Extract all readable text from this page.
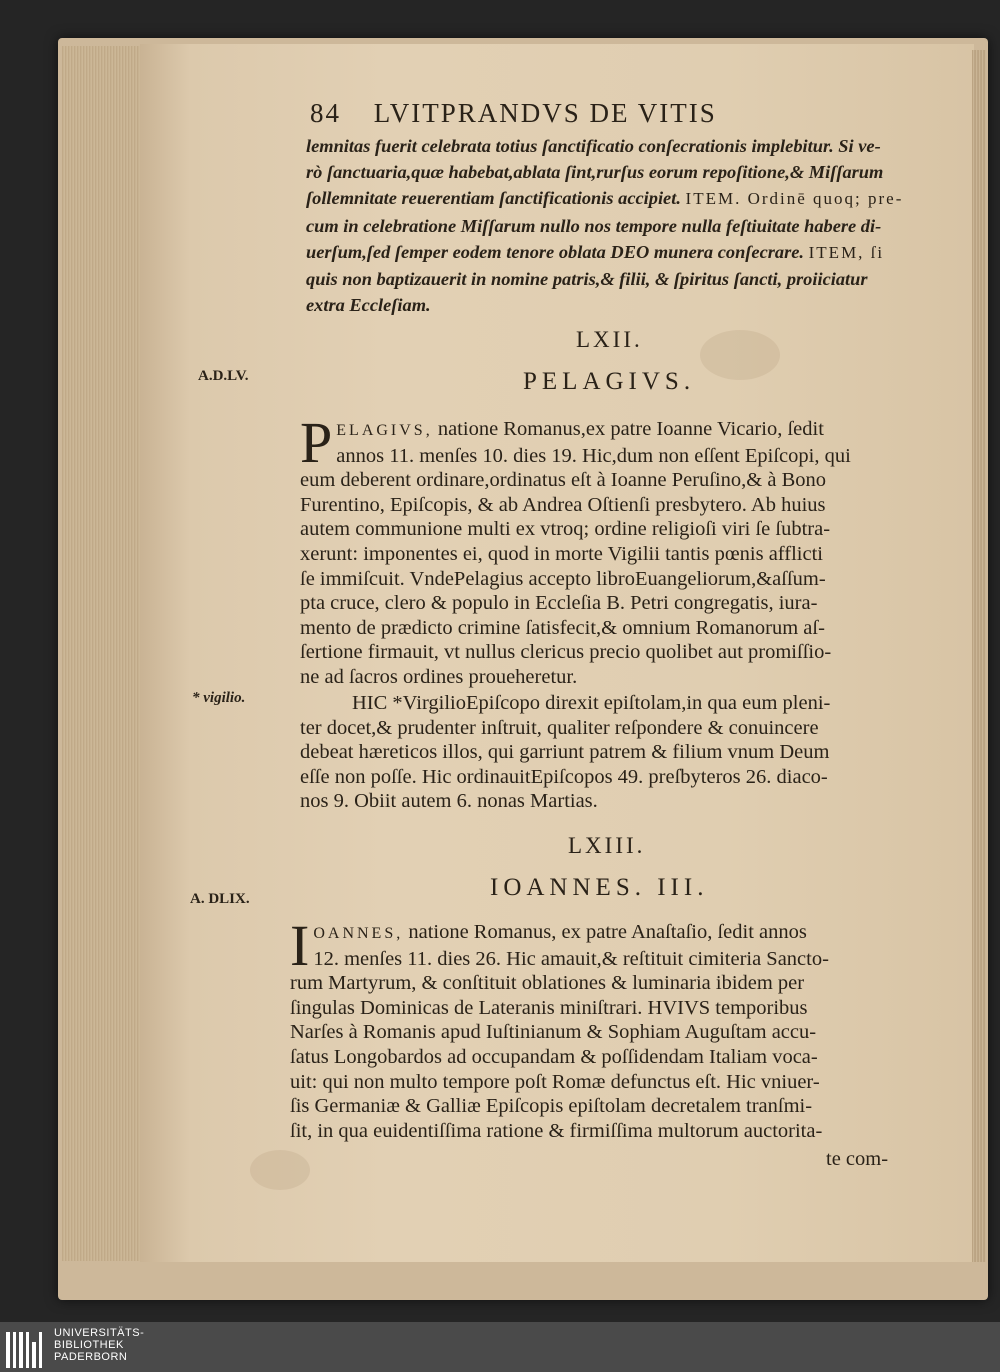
84 LVITPRANDVS DE VITIS
lemnitas fuerit celebrata totius ſanctificatio conſecrationis implebitur. Si ve-
rò ſanctuaria,quæ habebat,ablata ſint,rurſus eorum repoſitione,& Miſſarum
ſollemnitate reuerentiam ſanctificationis accipiet. ITEM. Ordinē quoq; pre-
cum in celebratione Miſſarum nullo nos tempore nulla feſtiuitate habere di-
uerſum,ſed ſemper eodem tenore oblata DEO munera conſecrare. ITEM, ſi
quis non baptizauerit in nomine patris,& filii, & ſpiritus ſancti, proiiciatur
extra Eccleſiam.
LXII.
A.D.LV.	PELAGIVS.
P ELAGIVS, natione Romanus,ex patre Ioanne Vicario, ſedit
annos 11. menſes 10. dies 19. Hic,dum non eſſent Epiſcopi, qui
eum deberent ordinare,ordinatus eſt à Ioanne Peruſino,& à Bono
Furentino, Epiſcopis, & ab Andrea Oſtienſi presbytero. Ab huius
autem communione multi ex vtroq; ordine religioſi viri ſe ſubtra-
xerunt: imponentes ei, quod in morte Vigilii tantis pœnis afflicti
ſe immiſcuit. VndePelagius accepto libroEuangeliorum,&aſſum-
pta cruce, clero & populo in Eccleſia B. Petri congregatis, iura-
mento de prædicto crimine ſatisfecit,& omnium Romanorum aſ-
ſertione firmauit, vt nullus clericus precio quolibet aut promiſſio-
ne ad ſacros ordines proueheretur.
* vigilio.	HIC *VirgilioEpiſcopo direxit epiſtolam,in qua eum pleni-
ter docet,& prudenter inſtruit, qualiter reſpondere & conuincere
debeat hæreticos illos, qui garriunt patrem & filium vnum Deum
eſſe non poſſe. Hic ordinauitEpiſcopos 49. preſbyteros 26. diaco-
nos 9. Obiit autem 6. nonas Martias.
LXIII.
A. DLIX.	IOANNES. III.
I OANNES, natione Romanus, ex patre Anaſtaſio, ſedit annos
12. menſes 11. dies 26. Hic amauit,& reſtituit cimiteria Sancto-
rum Martyrum, & conſtituit oblationes & luminaria ibidem per
ſingulas Dominicas de Lateranis miniſtrari. HVIVS temporibus
Narſes à Romanis apud Iuſtinianum & Sophiam Auguſtam accu-
ſatus Longobardos ad occupandam & poſſidendam Italiam voca-
uit: qui non multo tempore poſt Romæ defunctus eſt. Hic vniuer-
ſis Germaniæ & Galliæ Epiſcopis epiſtolam decretalem tranſmi-
ſit, in qua euidentiſſima ratione & firmiſſima multorum auctorita-
te com-
UNIVERSITÄTS-
BIBLIOTHEK
PADERBORN
